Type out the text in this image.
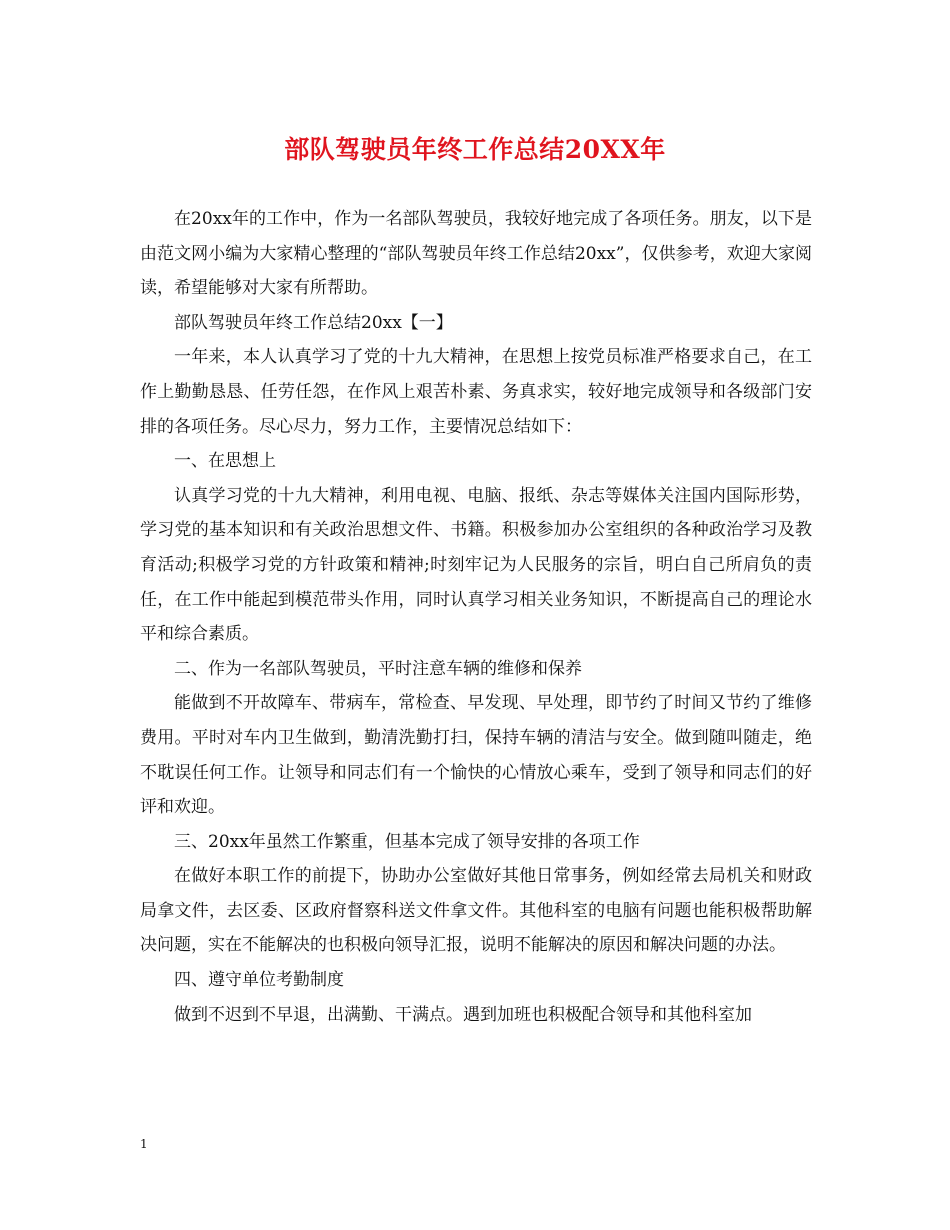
部队驾驶员年终工作总结20XX年

在20xx年的工作中，作为一名部队驾驶员，我较好地完成了各项任务。朋友，以下是由范文网小编为大家精心整理的“部队驾驶员年终工作总结20xx”，仅供参考，欢迎大家阅读，希望能够对大家有所帮助。

部队驾驶员年终工作总结20xx【一】

一年来，本人认真学习了党的十九大精神，在思想上按党员标准严格要求自己，在工作上勤勤恳恳、任劳任怨，在作风上艰苦朴素、务真求实，较好地完成领导和各级部门安排的各项任务。尽心尽力，努力工作，主要情况总结如下：

一、在思想上

认真学习党的十九大精神，利用电视、电脑、报纸、杂志等媒体关注国内国际形势，学习党的基本知识和有关政治思想文件、书籍。积极参加办公室组织的各种政治学习及教育活动;积极学习党的方针政策和精神;时刻牢记为人民服务的宗旨，明白自己所肩负的责任，在工作中能起到模范带头作用，同时认真学习相关业务知识，不断提高自己的理论水平和综合素质。

二、作为一名部队驾驶员，平时注意车辆的维修和保养

能做到不开故障车、带病车，常检查、早发现、早处理，即节约了时间又节约了维修费用。平时对车内卫生做到，勤清洗勤打扫，保持车辆的清洁与安全。做到随叫随走，绝不耽误任何工作。让领导和同志们有一个愉快的心情放心乘车，受到了领导和同志们的好评和欢迎。

三、20xx年虽然工作繁重，但基本完成了领导安排的各项工作

在做好本职工作的前提下，协助办公室做好其他日常事务，例如经常去局机关和财政局拿文件，去区委、区政府督察科送文件拿文件。其他科室的电脑有问题也能积极帮助解决问题，实在不能解决的也积极向领导汇报，说明不能解决的原因和解决问题的办法。

四、遵守单位考勤制度

做到不迟到不早退，出满勤、干满点。遇到加班也积极配合领导和其他科室加

1
